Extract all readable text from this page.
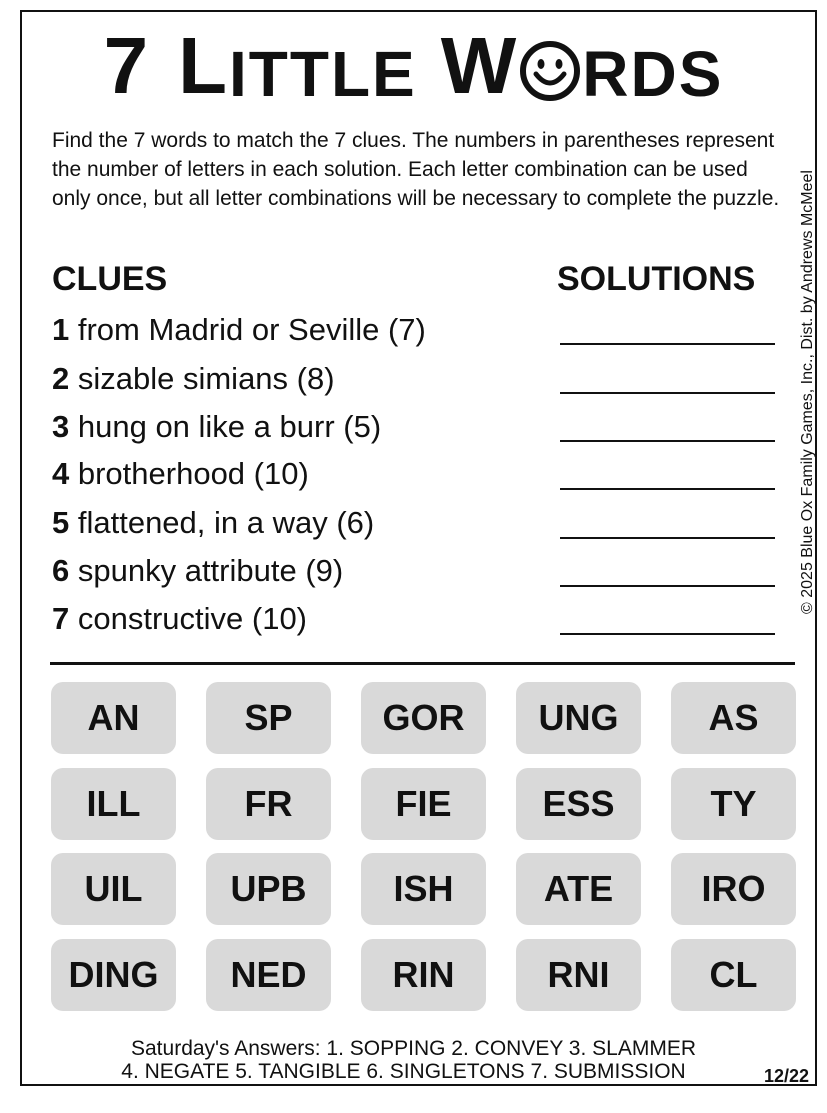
7 L ITTLE W RDS
Find the 7 words to match the 7 clues. The numbers in parentheses represent the number of letters in each solution. Each letter combination can be used only once, but all letter combinations will be necessary to complete the puzzle.
CLUES	SOLUTIONS
1 from Madrid or Seville (7)
2 sizable simians (8)
3 hung on like a burr (5)
4 brotherhood (10)
5 flattened, in a way (6)
6 spunky attribute (9)
7 constructive (10)
© 2025 Blue Ox Family Games, Inc., Dist. by Andrews McMeel
AN	SP	GOR	UNG	AS
ILL	FR	FIE	ESS	TY
UIL	UPB	ISH	ATE	IRO
DING	NED	RIN	RNI	CL
Saturday's Answers: 1. SOPPING 2. CONVEY 3. SLAMMER
4. NEGATE 5. TANGIBLE 6. SINGLETONS 7. SUBMISSION	12/22
